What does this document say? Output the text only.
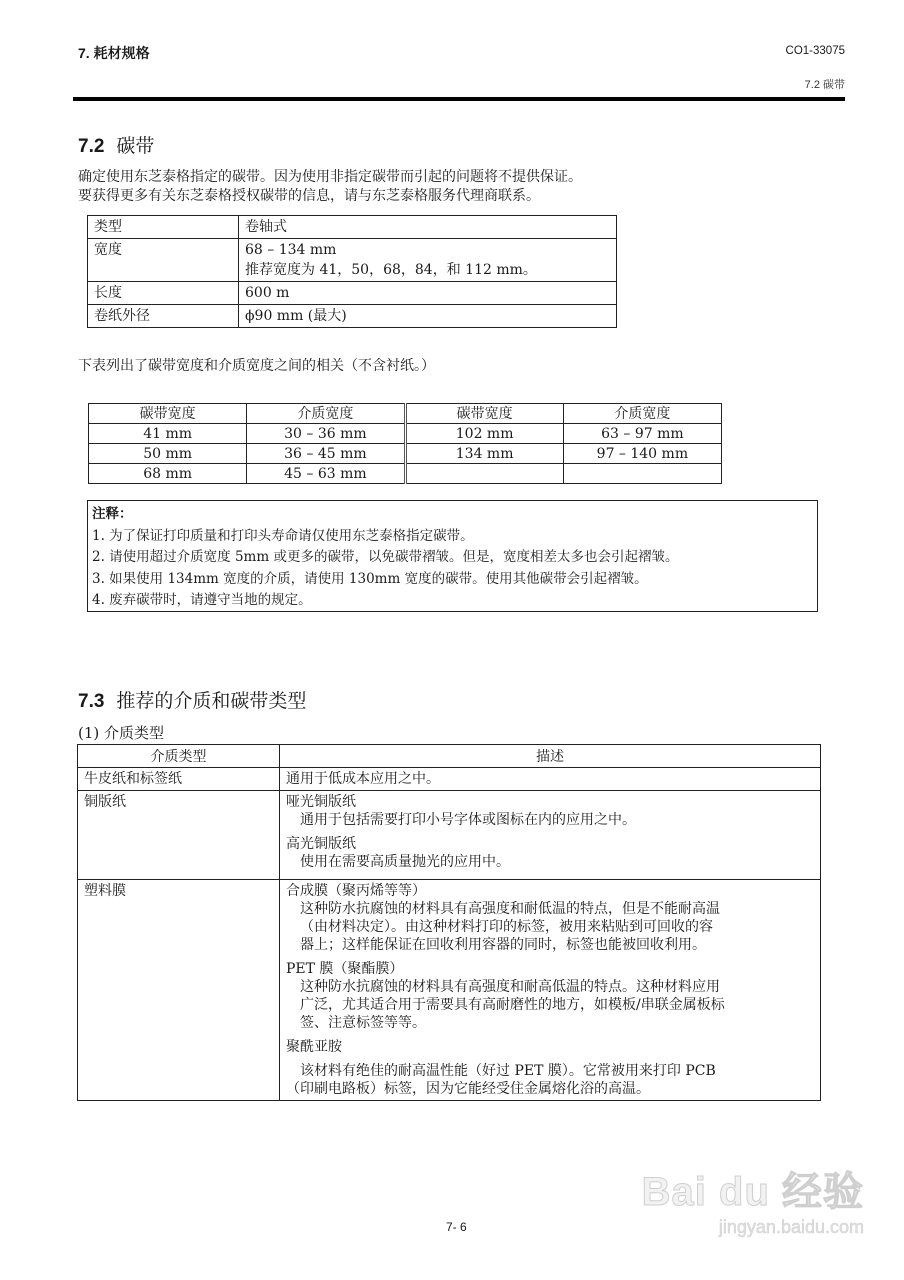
7. 耗材规格	CO1-33075
7.2 碳带
7.2 碳带

确定使用东芝泰格指定的碳带。因为使用非指定碳带而引起的问题将不提供保证。

要获得更多有关东芝泰格授权碳带的信息，请与东芝泰格服务代理商联系。

类型	卷轴式
宽度	68 – 134 mm
推荐宽度为 41，50，68，84，和 112 mm。

长度	600 m
卷纸外径	ϕ90 mm (最大)

下表列出了碳带宽度和介质宽度之间的相关（不含衬纸。）

碳带宽度	介质宽度	碳带宽度	介质宽度
41 mm	30 – 36 mm	102 mm	63 – 97 mm
50 mm	36 – 45 mm	134 mm	97 – 140 mm
68 mm	45 – 63 mm		
注释：
1. 为了保证打印质量和打印头寿命请仅使用东芝泰格指定碳带。
2. 请使用超过介质宽度 5mm 或更多的碳带，以免碳带褶皱。但是，宽度相差太多也会引起褶皱。
3. 如果使用 134mm 宽度的介质，请使用 130mm 宽度的碳带。使用其他碳带会引起褶皱。
4. 废弃碳带时，请遵守当地的规定。
7.3 推荐的介质和碳带类型
(1) 介质类型
介质类型	描述
牛皮纸和标签纸	通用于低成本应用之中。
铜版纸	哑光铜版纸

通用于包括需要打印小号字体或图标在内的应用之中。

高光铜版纸

使用在需要高质量抛光的应用中。

塑料膜	合成膜（聚丙烯等等）

这种防水抗腐蚀的材料具有高强度和耐低温的特点，但是不能耐高温

（由材料决定）。由这种材料打印的标签，被用来粘贴到可回收的容

器上；这样能保证在回收利用容器的同时，标签也能被回收利用。

PET 膜（聚酯膜）

这种防水抗腐蚀的材料具有高强度和耐高低温的特点。这种材料应用

广泛，尤其适合用于需要具有高耐磨性的地方，如模板/串联金属板标

签、注意标签等等。

聚酰亚胺

该材料有绝佳的耐高温性能（好过 PET 膜）。它常被用来打印 PCB

（印刷电路板）标签，因为它能经受住金属熔化浴的高温。

7- 6
Bai du 经验
jingyan.baidu.com
